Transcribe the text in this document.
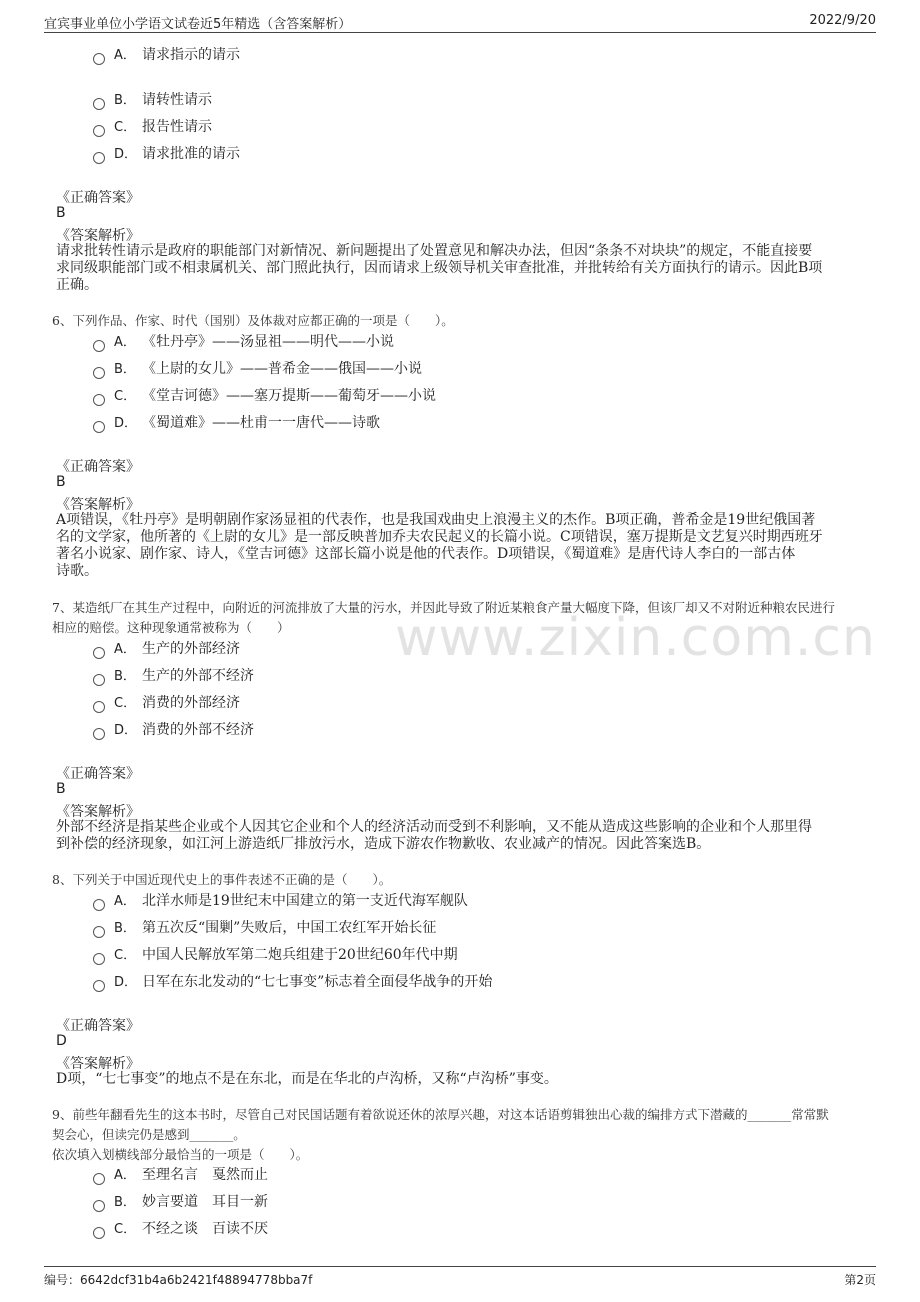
宜宾事业单位小学语文试卷近5年精选（含答案解析）	2022/9/20
www.zixin.com.cn
A． 请求指示的请示
B． 请转性请示
C． 报告性请示
D． 请求批准的请示
《正确答案》
B
《答案解析》
请求批转性请示是政府的职能部门对新情况、新问题提出了处置意见和解决办法，但因“条条不对块块”的规定，不能直接要
求同级职能部门或不相隶属机关、部门照此执行，因而请求上级领导机关审查批准，并批转给有关方面执行的请示。因此B项
正确。
6、下列作品、作家、时代（国别）及体裁对应都正确的一项是（　　）。
A． 《牡丹亭》——汤显祖——明代——小说
B． 《上尉的女儿》——普希金——俄国——小说
C． 《堂吉诃德》——塞万提斯——葡萄牙——小说
D． 《蜀道难》——杜甫一一唐代——诗歌
《正确答案》
B
《答案解析》
A项错误，《牡丹亭》是明朝剧作家汤显祖的代表作，也是我国戏曲史上浪漫主义的杰作。B项正确，普希金是19世纪俄国著
名的文学家，他所著的《上尉的女儿》是一部反映普加乔夫农民起义的长篇小说。C项错误，塞万提斯是文艺复兴时期西班牙
著名小说家、剧作家、诗人，《堂吉诃德》这部长篇小说是他的代表作。D项错误，《蜀道难》是唐代诗人李白的一部古体
诗歌。
7、某造纸厂在其生产过程中，向附近的河流排放了大量的污水，并因此导致了附近某粮食产量大幅度下降，但该厂却又不对附近种粮农民进行
相应的赔偿。这种现象通常被称为（　　）
A． 生产的外部经济
B． 生产的外部不经济
C． 消费的外部经济
D． 消费的外部不经济
《正确答案》
B
《答案解析》
外部不经济是指某些企业或个人因其它企业和个人的经济活动而受到不利影响，又不能从造成这些影响的企业和个人那里得
到补偿的经济现象，如江河上游造纸厂排放污水，造成下游农作物歉收、农业减产的情况。因此答案选B。
8、下列关于中国近现代史上的事件表述不正确的是（　　）。
A． 北洋水师是19世纪末中国建立的第一支近代海军舰队
B． 第五次反“围剿”失败后，中国工农红军开始长征
C． 中国人民解放军第二炮兵组建于20世纪60年代中期
D． 日军在东北发动的“七七事变”标志着全面侵华战争的开始
《正确答案》
D
《答案解析》
D项，“七七事变”的地点不是在东北，而是在华北的卢沟桥，又称“卢沟桥”事变。
9、前些年翻看先生的这本书时，尽管自己对民国话题有着欲说还休的浓厚兴趣，对这本话语剪辑独出心裁的编排方式下潜藏的_______常常默
契会心，但读完仍是感到_______。
依次填入划横线部分最恰当的一项是（　　）。
A． 至理名言　戛然而止
B． 妙言要道　耳目一新
C． 不经之谈　百读不厌
编号：6642dcf31b4a6b2421f48894778bba7f	第2页
